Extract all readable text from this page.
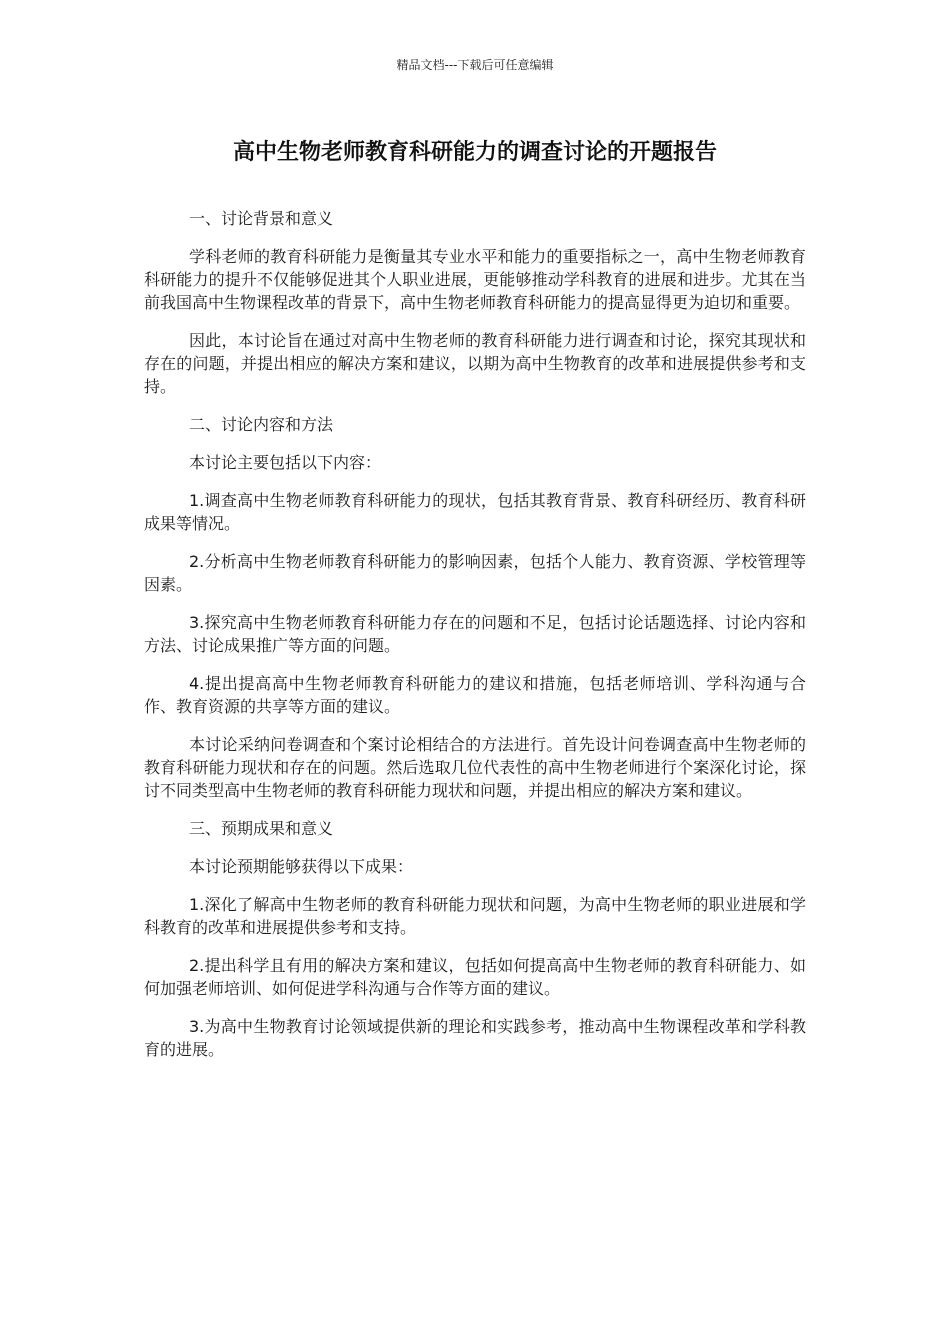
精品文档---下载后可任意编辑
高中生物老师教育科研能力的调查讨论的开题报告

一、讨论背景和意义

学科老师的教育科研能力是衡量其专业水平和能力的重要指标之一，高中生物老师教育科研能力的提升不仅能够促进其个人职业进展，更能够推动学科教育的进展和进步。尤其在当前我国高中生物课程改革的背景下，高中生物老师教育科研能力的提高显得更为迫切和重要。

因此，本讨论旨在通过对高中生物老师的教育科研能力进行调查和讨论，探究其现状和存在的问题，并提出相应的解决方案和建议，以期为高中生物教育的改革和进展提供参考和支持。

二、讨论内容和方法

本讨论主要包括以下内容：

1.调查高中生物老师教育科研能力的现状，包括其教育背景、教育科研经历、教育科研成果等情况。

2.分析高中生物老师教育科研能力的影响因素，包括个人能力、教育资源、学校管理等因素。

3.探究高中生物老师教育科研能力存在的问题和不足，包括讨论话题选择、讨论内容和方法、讨论成果推广等方面的问题。

4.提出提高高中生物老师教育科研能力的建议和措施，包括老师培训、学科沟通与合作、教育资源的共享等方面的建议。

本讨论采纳问卷调查和个案讨论相结合的方法进行。首先设计问卷调查高中生物老师的教育科研能力现状和存在的问题。然后选取几位代表性的高中生物老师进行个案深化讨论，探讨不同类型高中生物老师的教育科研能力现状和问题，并提出相应的解决方案和建议。

三、预期成果和意义

本讨论预期能够获得以下成果：

1.深化了解高中生物老师的教育科研能力现状和问题，为高中生物老师的职业进展和学科教育的改革和进展提供参考和支持。

2.提出科学且有用的解决方案和建议，包括如何提高高中生物老师的教育科研能力、如何加强老师培训、如何促进学科沟通与合作等方面的建议。

3.为高中生物教育讨论领域提供新的理论和实践参考，推动高中生物课程改革和学科教育的进展。
